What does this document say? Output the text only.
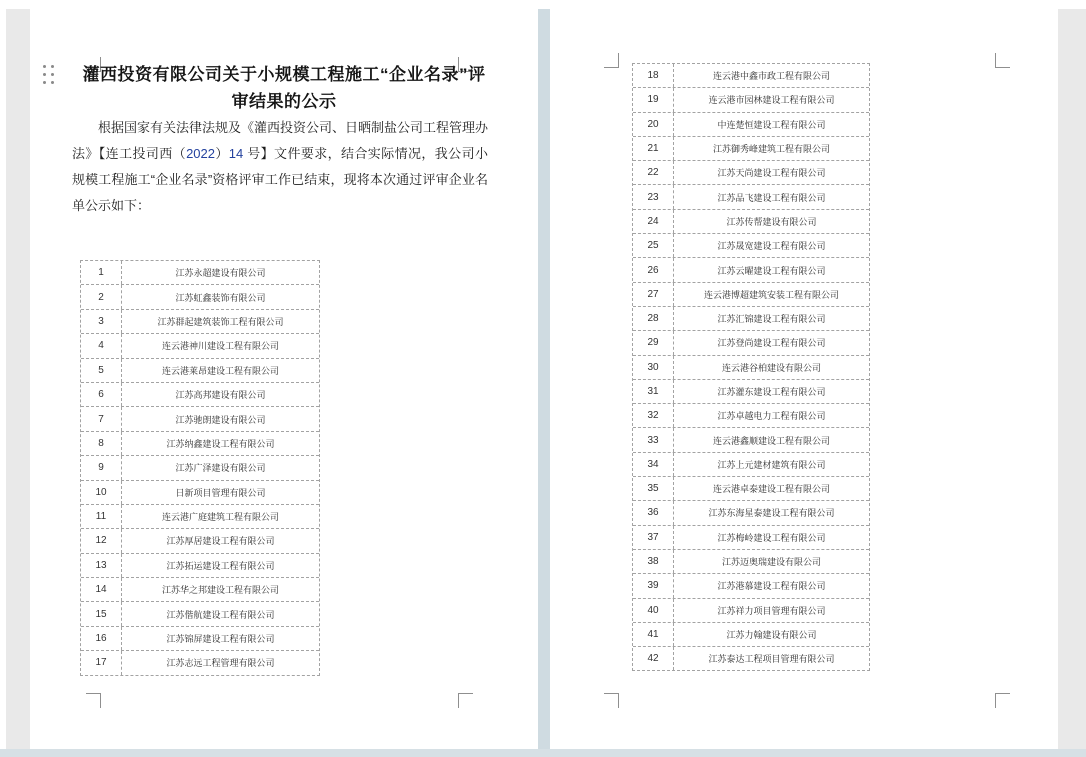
灌西投资有限公司关于小规模工程施工“企业名录”评
审结果的公示

根据国家有关法律法规及《灌西投资公司、日晒制盐公司工程管理办法》【连工投司西（2022）14 号】文件要求，结合实际情况，我公司小规模工程施工“企业名录”资格评审工作已结束，现将本次通过评审企业名单公示如下：

1	江苏永超建设有限公司
2	江苏虹鑫装饰有限公司
3	江苏群起建筑装饰工程有限公司
4	连云港神川建设工程有限公司
5	连云港莱昂建设工程有限公司
6	江苏高邦建设有限公司
7	江苏驰朗建设有限公司
8	江苏纳鑫建设工程有限公司
9	江苏广泽建设有限公司
10	日新项目管理有限公司
11	连云港广庭建筑工程有限公司
12	江苏厚居建设工程有限公司
13	江苏拓运建设工程有限公司
14	江苏华之邦建设工程有限公司
15	江苏偕航建设工程有限公司
16	江苏锦屏建设工程有限公司
17	江苏志远工程管理有限公司
18	连云港中鑫市政工程有限公司
19	连云港市园林建设工程有限公司
20	中连楚恒建设工程有限公司
21	江苏御秀峰建筑工程有限公司
22	江苏天尚建设工程有限公司
23	江苏品飞建设工程有限公司
24	江苏传帮建设有限公司
25	江苏晟宽建设工程有限公司
26	江苏云曜建设工程有限公司
27	连云港博超建筑安装工程有限公司
28	江苏汇锦建设工程有限公司
29	江苏登尚建设工程有限公司
30	连云港谷柏建设有限公司
31	江苏灌东建设工程有限公司
32	江苏卓越电力工程有限公司
33	连云港鑫顺建设工程有限公司
34	江苏上元建材建筑有限公司
35	连云港卓泰建设工程有限公司
36	江苏东海星泰建设工程有限公司
37	江苏梅岭建设工程有限公司
38	江苏迈奥瑞建设有限公司
39	江苏港慕建设工程有限公司
40	江苏祥力项目管理有限公司
41	江苏力翰建设有限公司
42	江苏泰达工程项目管理有限公司
